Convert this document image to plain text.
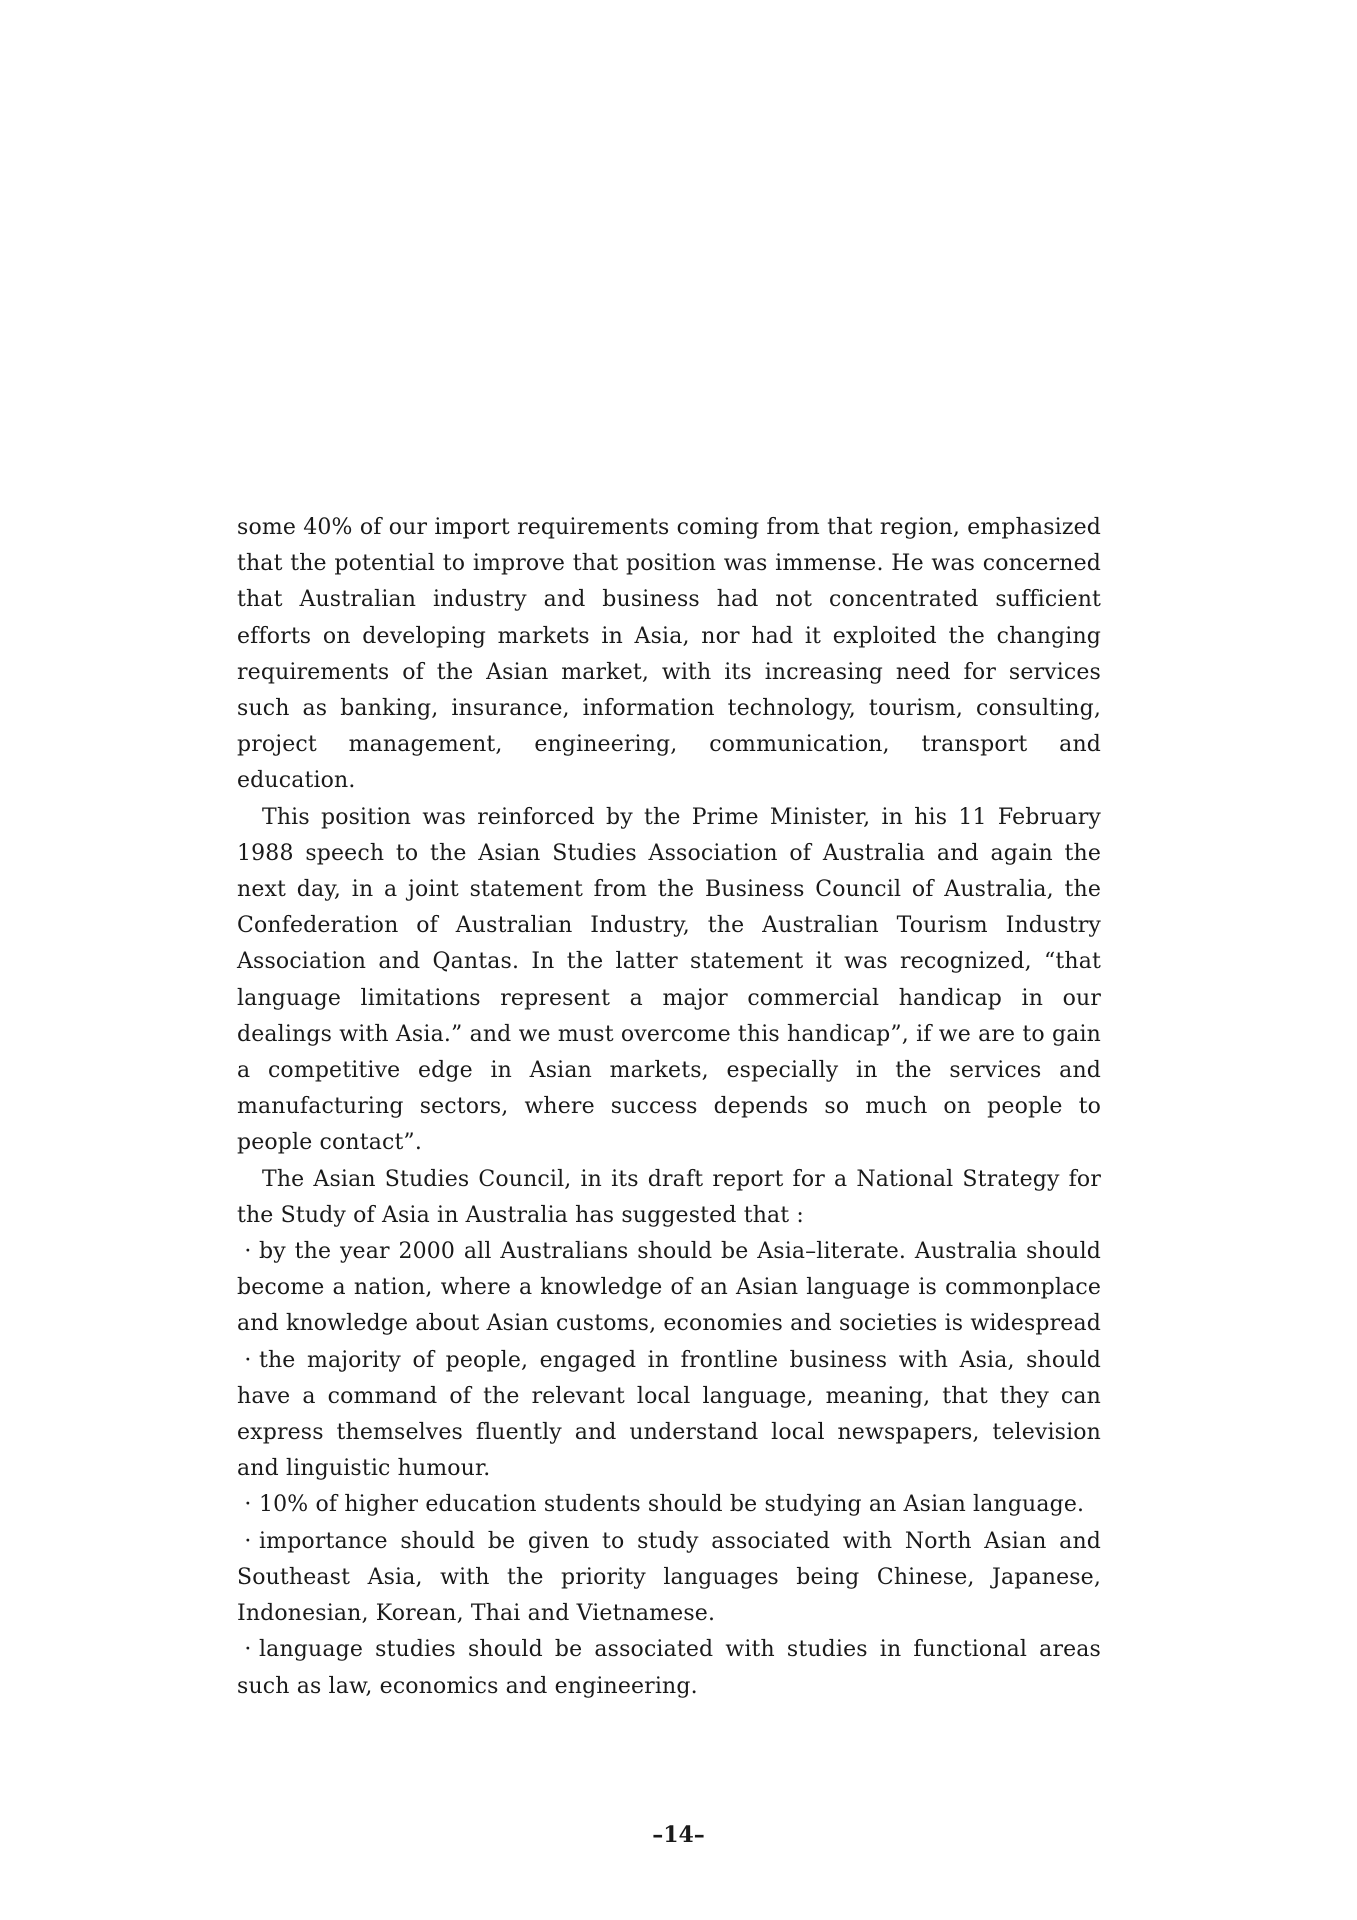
some 40% of our import requirements coming from that region, emphasized that the potential to improve that position was immense. He was concerned that Australian industry and business had not concentrated sufficient efforts on developing markets in Asia, nor had it exploited the changing requirements of the Asian market, with its increasing need for services such as banking, insurance, information technology, tourism, consulting, project management, engineering, communication, transport and education.

This position was reinforced by the Prime Minister, in his 11 February 1988 speech to the Asian Studies Association of Australia and again the next day, in a joint statement from the Business Council of Australia, the Confederation of Australian Industry, the Australian Tourism Industry Association and Qantas. In the latter statement it was recognized, “that language limitations represent a major commercial handicap in our dealings with Asia.” and we must overcome this handicap”, if we are to gain a competitive edge in Asian markets, especially in the services and manufacturing sectors, where success depends so much on people to people contact”.

The Asian Studies Council, in its draft report for a National Strategy for the Study of Asia in Australia has suggested that :

· by the year 2000 all Australians should be Asia–literate. Australia should become a nation, where a knowledge of an Asian language is commonplace and knowledge about Asian customs, economies and societies is widespread

· the majority of people, engaged in frontline business with Asia, should have a command of the relevant local language, meaning, that they can express themselves fluently and understand local newspapers, television and linguistic humour.

· 10% of higher education students should be studying an Asian language.

· importance should be given to study associated with North Asian and Southeast Asia, with the priority languages being Chinese, Japanese, Indonesian, Korean, Thai and Vietnamese.

· language studies should be associated with studies in functional areas such as law, economics and engineering.

–14–
